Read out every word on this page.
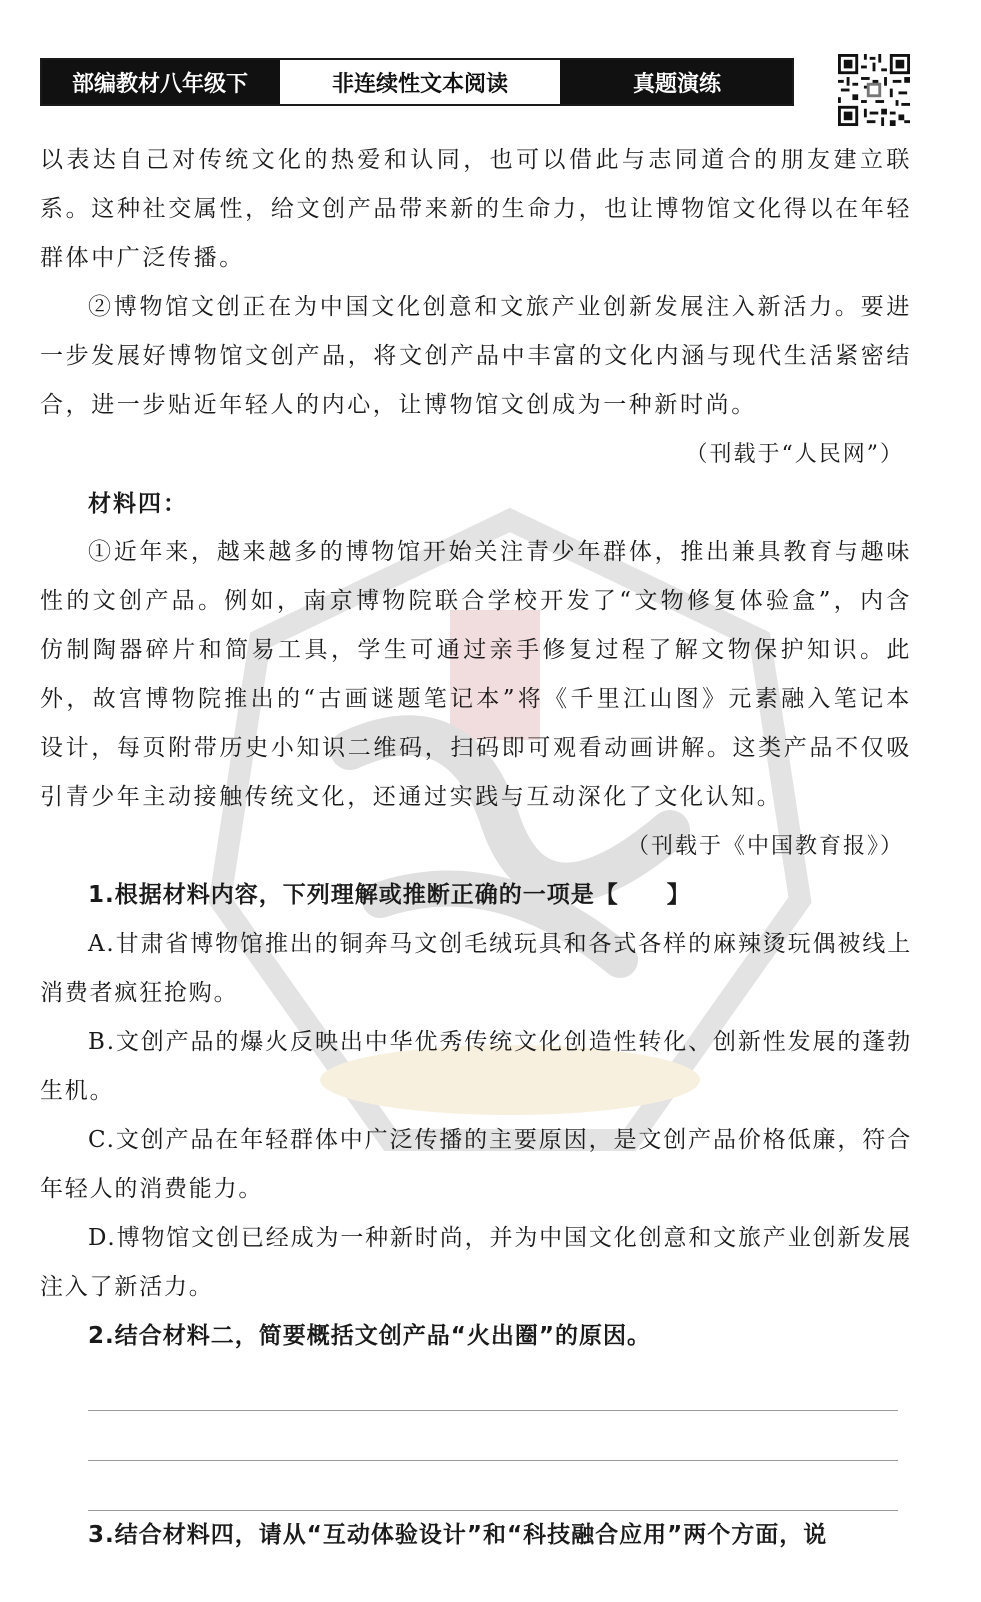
部编教材八年级下	非连续性文本阅读	真题演练

以表达自己对传统文化的热爱和认同，也可以借此与志同道合的朋友建立联系。这种社交属性，给文创产品带来新的生命力，也让博物馆文化得以在年轻群体中广泛传播。

②博物馆文创正在为中国文化创意和文旅产业创新发展注入新活力。要进一步发展好博物馆文创产品，将文创产品中丰富的文化内涵与现代生活紧密结合，进一步贴近年轻人的内心，让博物馆文创成为一种新时尚。

（刊载于“人民网”）
材料四：

①近年来，越来越多的博物馆开始关注青少年群体，推出兼具教育与趣味性的文创产品。例如，南京博物院联合学校开发了“文物修复体验盒”，内含仿制陶器碎片和简易工具，学生可通过亲手修复过程了解文物保护知识。此外，故宫博物院推出的“古画谜题笔记本”将《千里江山图》元素融入笔记本设计，每页附带历史小知识二维码，扫码即可观看动画讲解。这类产品不仅吸引青少年主动接触传统文化，还通过实践与互动深化了文化认知。

（刊载于《中国教育报》）
1.根据材料内容，下列理解或推断正确的一项是【　　】

A.甘肃省博物馆推出的铜奔马文创毛绒玩具和各式各样的麻辣烫玩偶被线上消费者疯狂抢购。

B.文创产品的爆火反映出中华优秀传统文化创造性转化、创新性发展的蓬勃生机。

C.文创产品在年轻群体中广泛传播的主要原因，是文创产品价格低廉，符合年轻人的消费能力。

D.博物馆文创已经成为一种新时尚，并为中国文化创意和文旅产业创新发展注入了新活力。

2.结合材料二，简要概括文创产品“火出圈”的原因。
3.结合材料四，请从“互动体验设计”和“科技融合应用”两个方面，说
